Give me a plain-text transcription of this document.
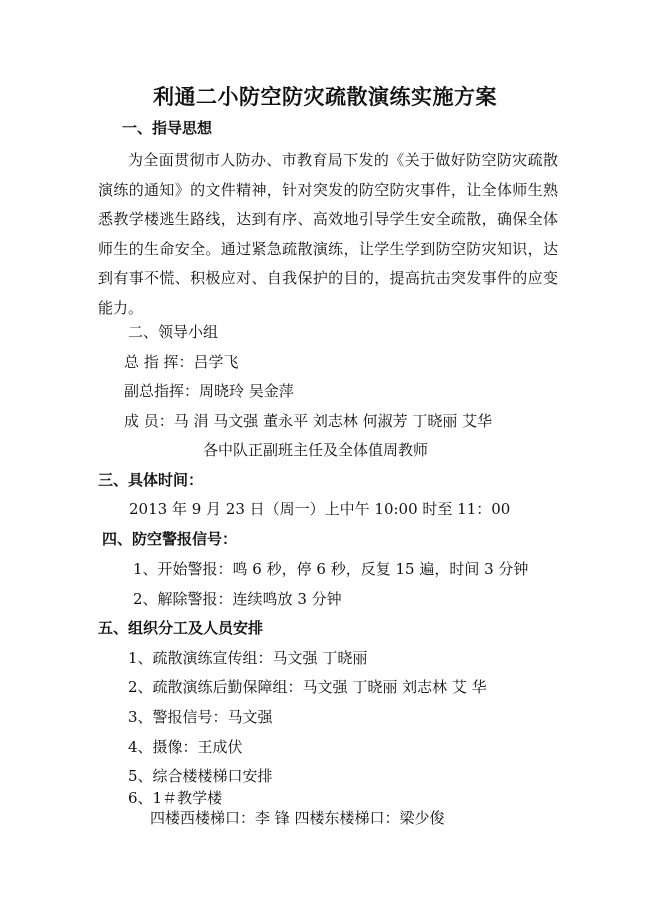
利通二小防空防灾疏散演练实施方案
一、指导思想
为全面贯彻市人防办、市教育局下发的《关于做好防空防灾疏散演练的通知》的文件精神，针对突发的防空防灾事件，让全体师生熟悉教学楼逃生路线，达到有序、高效地引导学生安全疏散，确保全体师生的生命安全。通过紧急疏散演练，让学生学到防空防灾知识，达到有事不慌、积极应对、自我保护的目的，提高抗击突发事件的应变能力。
二、领导小组
总 指 挥：吕学飞
副总指挥：周晓玲 吴金萍
成 员：马 涓 马文强 董永平 刘志林 何淑芳 丁晓丽 艾华
各中队正副班主任及全体值周教师
三、具体时间：
2013 年 9 月 23 日（周一）上中午 10:00 时至 11：00
四、防空警报信号：
1、开始警报：鸣 6 秒，停 6 秒，反复 15 遍，时间 3 分钟
2、解除警报：连续鸣放 3 分钟
五、组织分工及人员安排
1、疏散演练宣传组：马文强 丁晓丽
2、疏散演练后勤保障组：马文强 丁晓丽 刘志林 艾 华
3、警报信号：马文强
4、摄像：王成伏
5、综合楼楼梯口安排
6、1＃教学楼
四楼西楼梯口：李 锋 四楼东楼梯口：梁少俊
